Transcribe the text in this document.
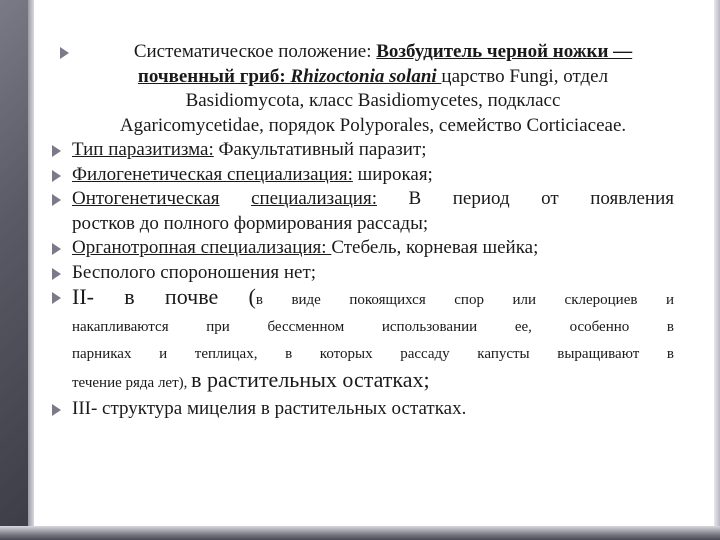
Систематическое положение: Возбудитель черной ножки —
почвенный гриб: Rhizoctonia solani царство Fungi, отдел
Basidiomycota, класс Basidiomycetes, подкласс
Agaricomycetidae, порядок Polyporales, семейство Corticiaceae.
Тип паразитизма: Факультативный паразит;
Филогенетическая специализация: широкая;
Онтогенетическая специализация: В период от появления
ростков до полного формирования рассады;
Органотропная специализация: Стебель, корневая шейка;
Бесполого спороношения нет;
II- в почве (в виде покоящихся спор или склероциев и
накапливаются при бессменном использовании ее, особенно в
парниках и теплицах, в которых рассаду капусты выращивают в
течение ряда лет), в растительных остатках;
III- структура мицелия в растительных остатках.
